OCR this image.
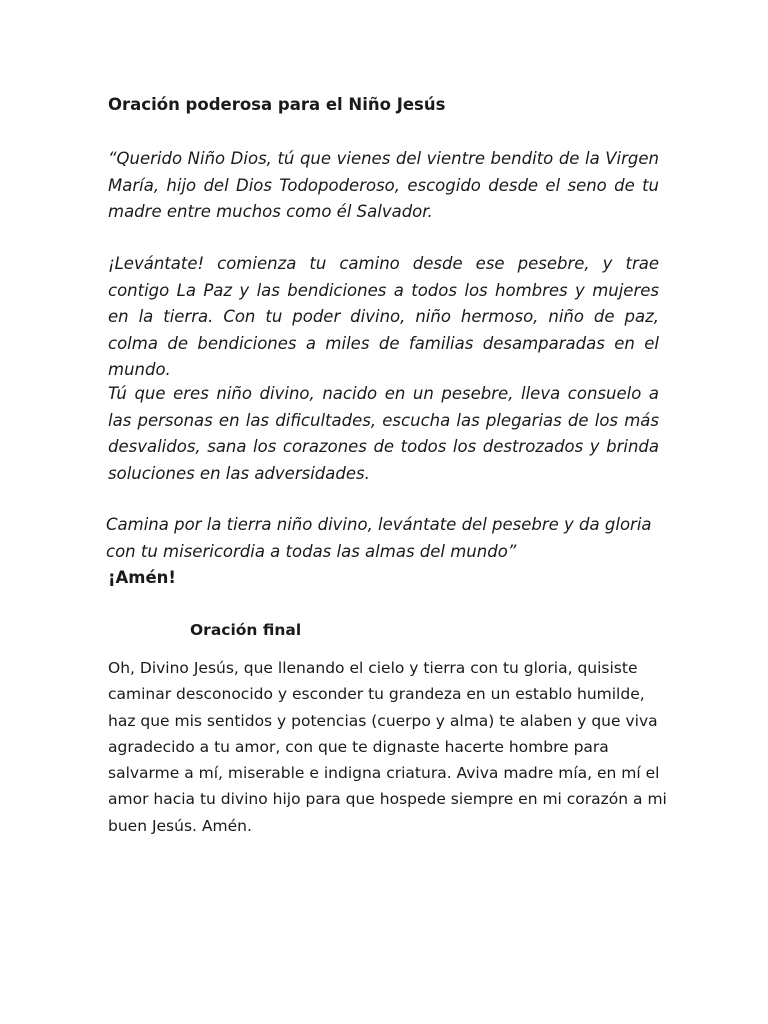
Oración poderosa para el Niño Jesús

“Querido Niño Dios, tú que vienes del vientre bendito de la Virgen María, hijo del Dios Todopoderoso, escogido desde el seno de tu madre entre muchos como él Salvador.

¡Levántate! comienza tu camino desde ese pesebre, y trae contigo La Paz y las bendiciones a todos los hombres y mujeres en la tierra. Con tu poder divino, niño hermoso, niño de paz, colma de bendiciones a miles de familias desamparadas en el mundo.

Tú que eres niño divino, nacido en un pesebre, lleva consuelo a las personas en las dificultades, escucha las plegarias de los más desvalidos, sana los corazones de todos los destrozados y brinda soluciones en las adversidades.

Camina por la tierra niño divino, levántate del pesebre y da gloria con tu misericordia a todas las almas del mundo”

¡Amén!

Oración final

Oh, Divino Jesús, que llenando el cielo y tierra con tu gloria, quisiste caminar desconocido y esconder tu grandeza en un establo humilde, haz que mis sentidos y potencias (cuerpo y alma) te alaben y que viva agradecido a tu amor, con que te dignaste hacerte hombre para salvarme a mí, miserable e indigna criatura. Aviva madre mía, en mí el amor hacia tu divino hijo para que hospede siempre en mi corazón a mi buen Jesús. Amén.
